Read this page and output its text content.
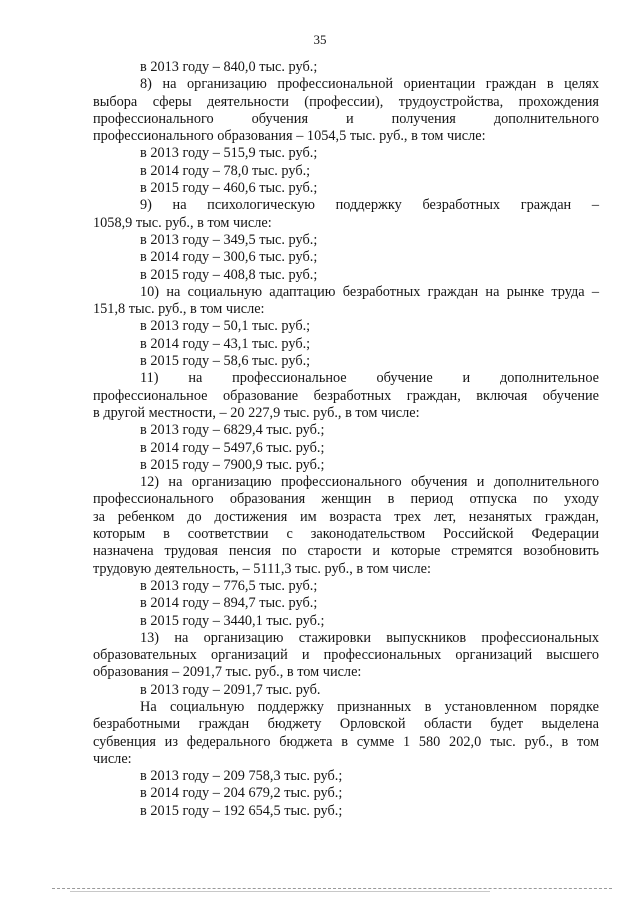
35
в 2013 году – 840,0 тыс. руб.;
8) на организацию профессиональной ориентации граждан в целях
выбора сферы деятельности (профессии), трудоустройства, прохождения
профессионального обучения и получения дополнительного
профессионального образования – 1054,5 тыс. руб., в том числе:
в 2013 году – 515,9 тыс. руб.;
в 2014 году – 78,0 тыс. руб.;
в 2015 году – 460,6 тыс. руб.;
9) на психологическую поддержку безработных граждан –
1058,9 тыс. руб., в том числе:
в 2013 году – 349,5 тыс. руб.;
в 2014 году – 300,6 тыс. руб.;
в 2015 году – 408,8 тыс. руб.;
10) на социальную адаптацию безработных граждан на рынке труда –
151,8 тыс. руб., в том числе:
в 2013 году – 50,1 тыс. руб.;
в 2014 году – 43,1 тыс. руб.;
в 2015 году – 58,6 тыс. руб.;
11) на профессиональное обучение и дополнительное
профессиональное образование безработных граждан, включая обучение
в другой местности, – 20 227,9 тыс. руб., в том числе:
в 2013 году – 6829,4 тыс. руб.;
в 2014 году – 5497,6 тыс. руб.;
в 2015 году – 7900,9 тыс. руб.;
12) на организацию профессионального обучения и дополнительного
профессионального образования женщин в период отпуска по уходу
за ребенком до достижения им возраста трех лет, незанятых граждан,
которым в соответствии с законодательством Российской Федерации
назначена трудовая пенсия по старости и которые стремятся возобновить
трудовую деятельность, – 5111,3 тыс. руб., в том числе:
в 2013 году – 776,5 тыс. руб.;
в 2014 году – 894,7 тыс. руб.;
в 2015 году – 3440,1 тыс. руб.;
13) на организацию стажировки выпускников профессиональных
образовательных организаций и профессиональных организаций высшего
образования – 2091,7 тыс. руб., в том числе:
в 2013 году – 2091,7 тыс. руб.
На социальную поддержку признанных в установленном порядке
безработными граждан бюджету Орловской области будет выделена
субвенция из федерального бюджета в сумме 1 580 202,0 тыс. руб., в том
числе:
в 2013 году – 209 758,3 тыс. руб.;
в 2014 году – 204 679,2 тыс. руб.;
в 2015 году – 192 654,5 тыс. руб.;
